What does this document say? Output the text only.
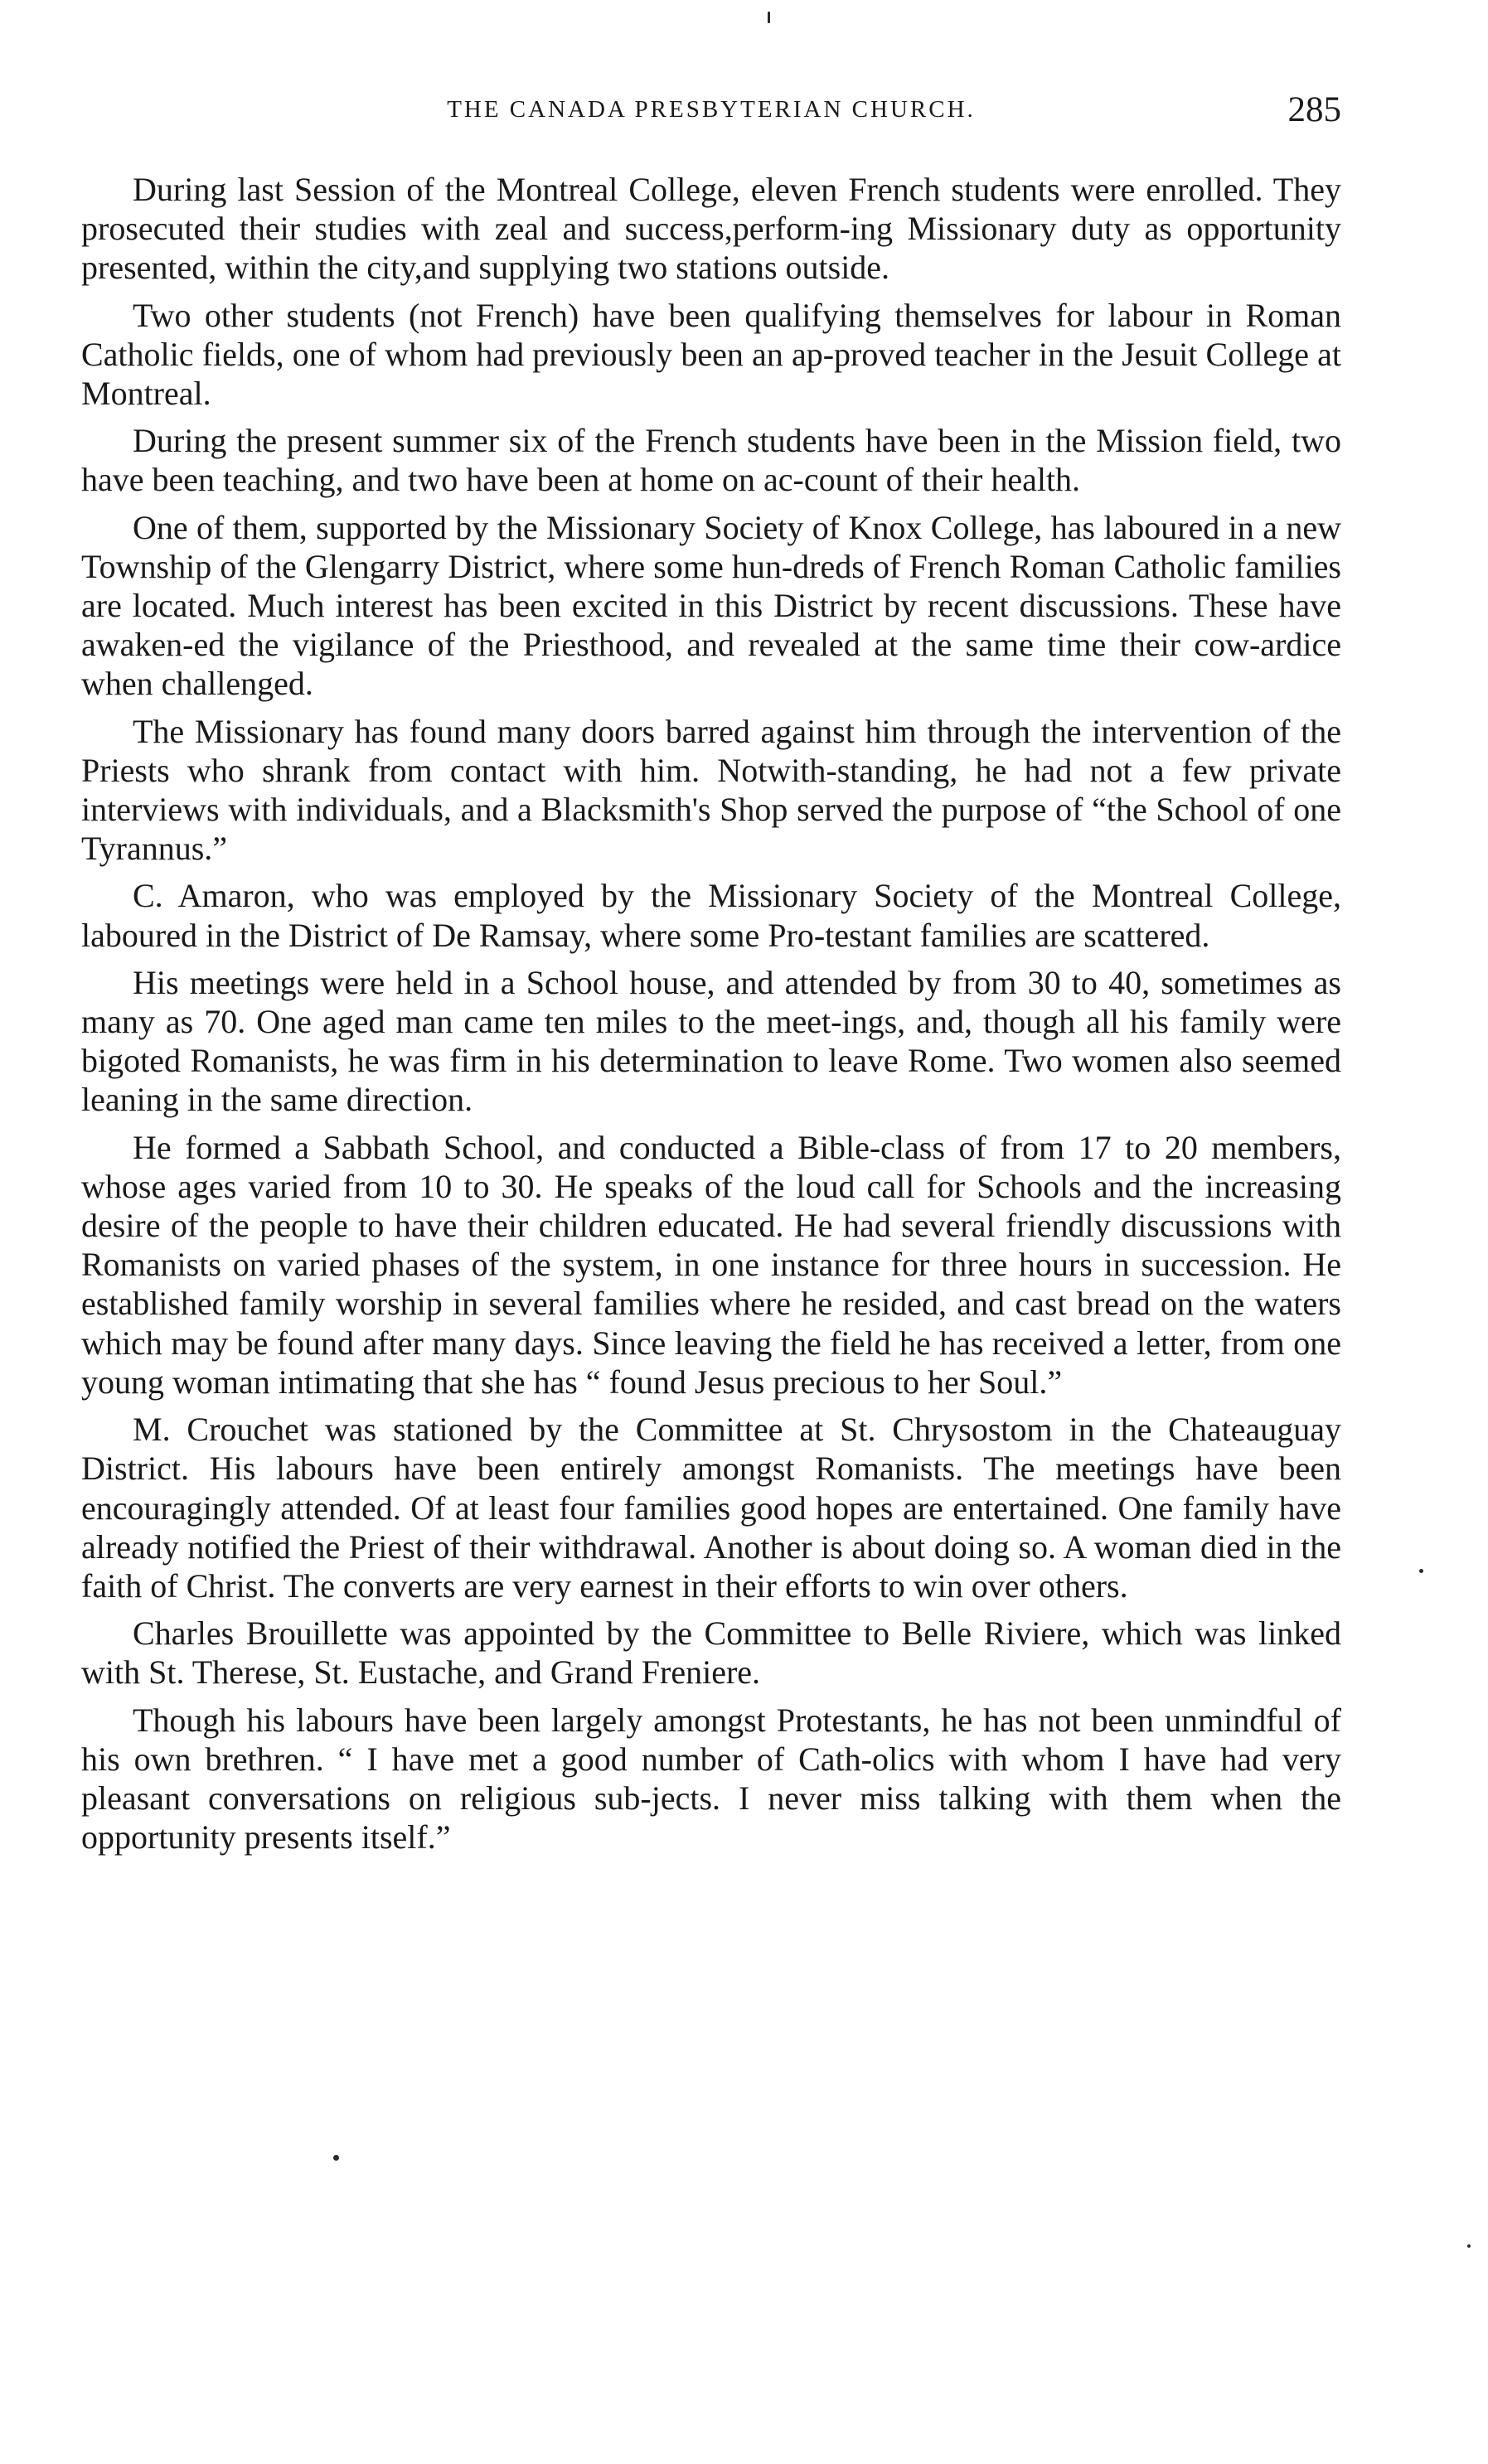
THE CANADA PRESBYTERIAN CHURCH.	285

During last Session of the Montreal College, eleven French students were enrolled. They prosecuted their studies with zeal and success,perform-ing Missionary duty as opportunity presented, within the city,and supplying two stations outside.

Two other students (not French) have been qualifying themselves for labour in Roman Catholic fields, one of whom had previously been an ap-proved teacher in the Jesuit College at Montreal.

During the present summer six of the French students have been in the Mission field, two have been teaching, and two have been at home on ac-count of their health.

One of them, supported by the Missionary Society of Knox College, has laboured in a new Township of the Glengarry District, where some hun-dreds of French Roman Catholic families are located. Much interest has been excited in this District by recent discussions. These have awaken-ed the vigilance of the Priesthood, and revealed at the same time their cow-ardice when challenged.

The Missionary has found many doors barred against him through the intervention of the Priests who shrank from contact with him. Notwith-standing, he had not a few private interviews with individuals, and a Blacksmith's Shop served the purpose of “the School of one Tyrannus.”

C. Amaron, who was employed by the Missionary Society of the Montreal College, laboured in the District of De Ramsay, where some Pro-testant families are scattered.

His meetings were held in a School house, and attended by from 30 to 40, sometimes as many as 70. One aged man came ten miles to the meet-ings, and, though all his family were bigoted Romanists, he was firm in his determination to leave Rome. Two women also seemed leaning in the same direction.

He formed a Sabbath School, and conducted a Bible-class of from 17 to 20 members, whose ages varied from 10 to 30. He speaks of the loud call for Schools and the increasing desire of the people to have their children educated. He had several friendly discussions with Romanists on varied phases of the system, in one instance for three hours in succession. He established family worship in several families where he resided, and cast bread on the waters which may be found after many days. Since leaving the field he has received a letter, from one young woman intimating that she has “ found Jesus precious to her Soul.”

M. Crouchet was stationed by the Committee at St. Chrysostom in the Chateauguay District. His labours have been entirely amongst Romanists. The meetings have been encouragingly attended. Of at least four families good hopes are entertained. One family have already notified the Priest of their withdrawal. Another is about doing so. A woman died in the faith of Christ. The converts are very earnest in their efforts to win over others.

Charles Brouillette was appointed by the Committee to Belle Riviere, which was linked with St. Therese, St. Eustache, and Grand Freniere.

Though his labours have been largely amongst Protestants, he has not been unmindful of his own brethren. “ I have met a good number of Cath-olics with whom I have had very pleasant conversations on religious sub-jects. I never miss talking with them when the opportunity presents itself.”
